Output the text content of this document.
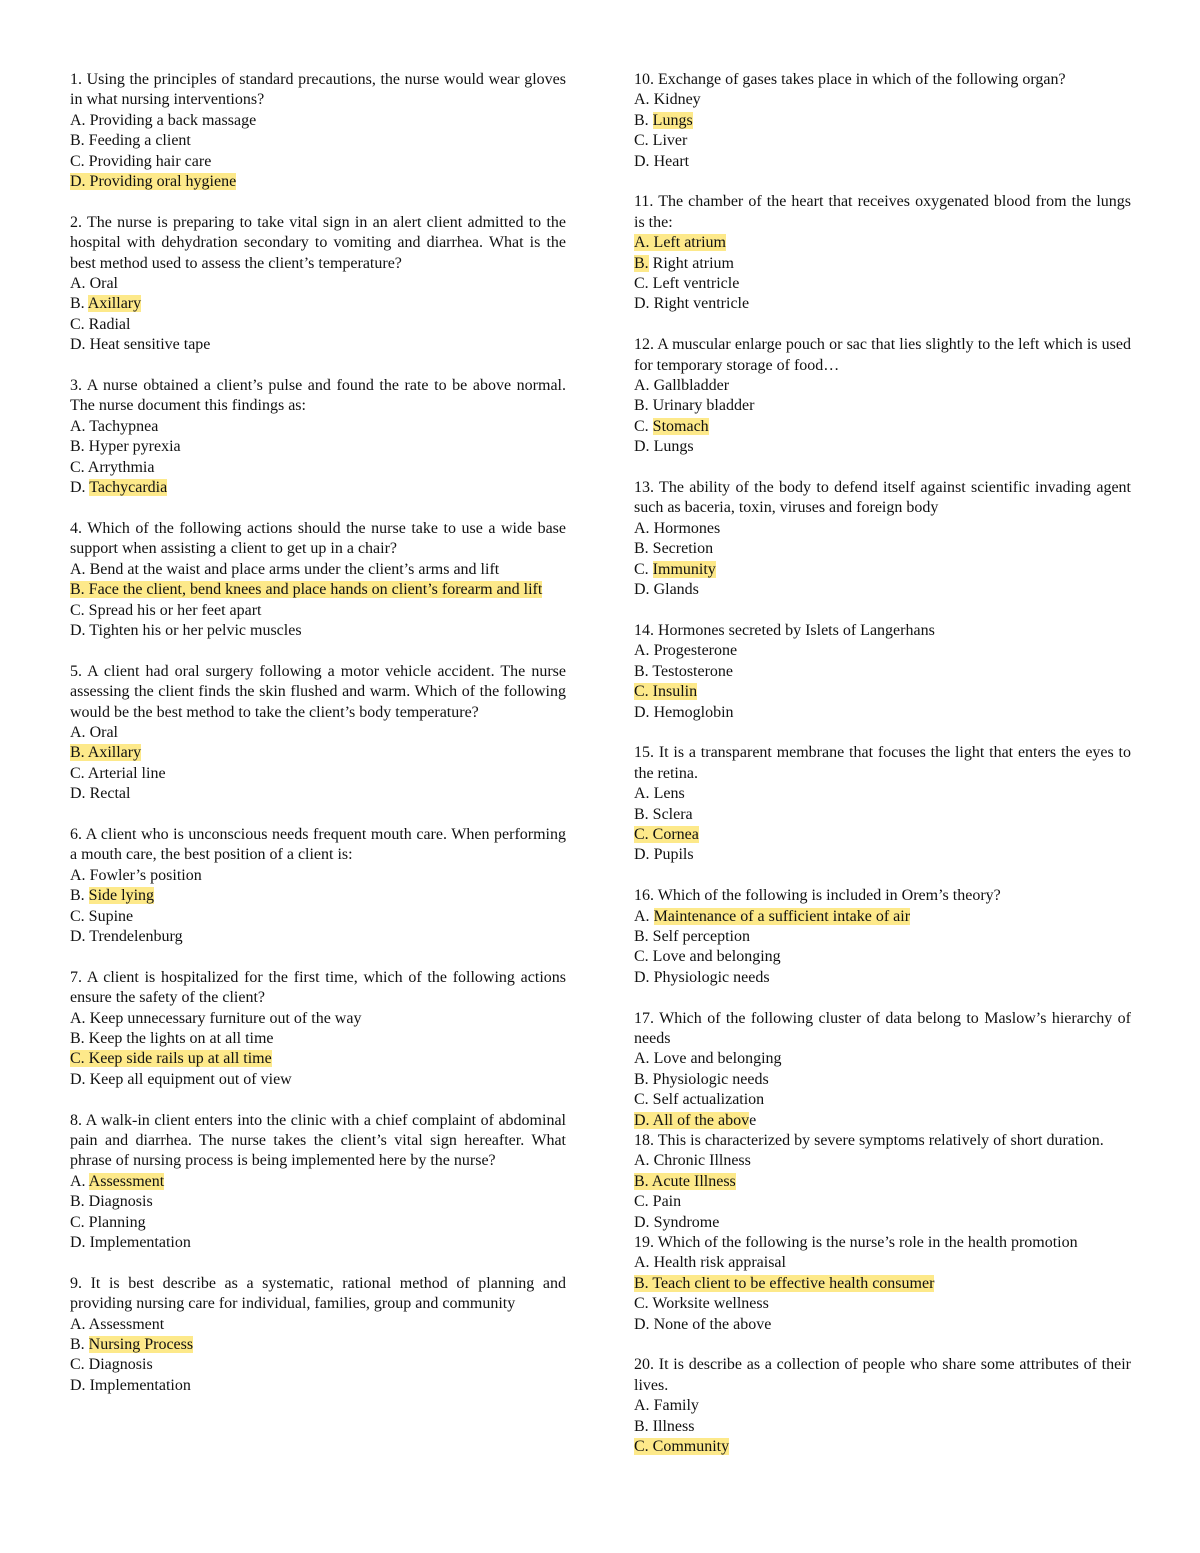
1. Using the principles of standard precautions, the nurse would wear gloves in what nursing interventions?
A. Providing a back massage
B. Feeding a client
C. Providing hair care
D. Providing oral hygiene
2. The nurse is preparing to take vital sign in an alert client admitted to the hospital with dehydration secondary to vomiting and diarrhea. What is the best method used to assess the client’s temperature?
A. Oral
B. Axillary
C. Radial
D. Heat sensitive tape
3. A nurse obtained a client’s pulse and found the rate to be above normal. The nurse document this findings as:
A. Tachypnea
B. Hyper pyrexia
C. Arrythmia
D. Tachycardia
4. Which of the following actions should the nurse take to use a wide base support when assisting a client to get up in a chair?
A. Bend at the waist and place arms under the client’s arms and lift
B. Face the client, bend knees and place hands on client’s forearm and lift
C. Spread his or her feet apart
D. Tighten his or her pelvic muscles
5. A client had oral surgery following a motor vehicle accident. The nurse assessing the client finds the skin flushed and warm. Which of the following would be the best method to take the client’s body temperature?
A. Oral
B. Axillary
C. Arterial line
D. Rectal
6. A client who is unconscious needs frequent mouth care. When performing a mouth care, the best position of a client is:
A. Fowler’s position
B. Side lying
C. Supine
D. Trendelenburg
7. A client is hospitalized for the first time, which of the following actions ensure the safety of the client?
A. Keep unnecessary furniture out of the way
B. Keep the lights on at all time
C. Keep side rails up at all time
D. Keep all equipment out of view
8. A walk-in client enters into the clinic with a chief complaint of abdominal pain and diarrhea. The nurse takes the client’s vital sign hereafter. What phrase of nursing process is being implemented here by the nurse?
A. Assessment
B. Diagnosis
C. Planning
D. Implementation
9. It is best describe as a systematic, rational method of planning and providing nursing care for individual, families, group and community
A. Assessment
B. Nursing Process
C. Diagnosis
D. Implementation
10. Exchange of gases takes place in which of the following organ?
A. Kidney
B. Lungs
C. Liver
D. Heart
11. The chamber of the heart that receives oxygenated blood from the lungs is the:
A. Left atrium
B. Right atrium
C. Left ventricle
D. Right ventricle
12. A muscular enlarge pouch or sac that lies slightly to the left which is used for temporary storage of food…
A. Gallbladder
B. Urinary bladder
C. Stomach
D. Lungs
13. The ability of the body to defend itself against scientific invading agent such as baceria, toxin, viruses and foreign body
A. Hormones
B. Secretion
C. Immunity
D. Glands
14. Hormones secreted by Islets of Langerhans
A. Progesterone
B. Testosterone
C. Insulin
D. Hemoglobin
15. It is a transparent membrane that focuses the light that enters the eyes to the retina.
A. Lens
B. Sclera
C. Cornea
D. Pupils
16. Which of the following is included in Orem’s theory?
A. Maintenance of a sufficient intake of air
B. Self perception
C. Love and belonging
D. Physiologic needs
17. Which of the following cluster of data belong to Maslow’s hierarchy of needs
A. Love and belonging
B. Physiologic needs
C. Self actualization
D. All of the above
18. This is characterized by severe symptoms relatively of short duration.
A. Chronic Illness
B. Acute Illness
C. Pain
D. Syndrome
19. Which of the following is the nurse’s role in the health promotion
A. Health risk appraisal
B. Teach client to be effective health consumer
C. Worksite wellness
D. None of the above
20. It is describe as a collection of people who share some attributes of their lives.
A. Family
B. Illness
C. Community
